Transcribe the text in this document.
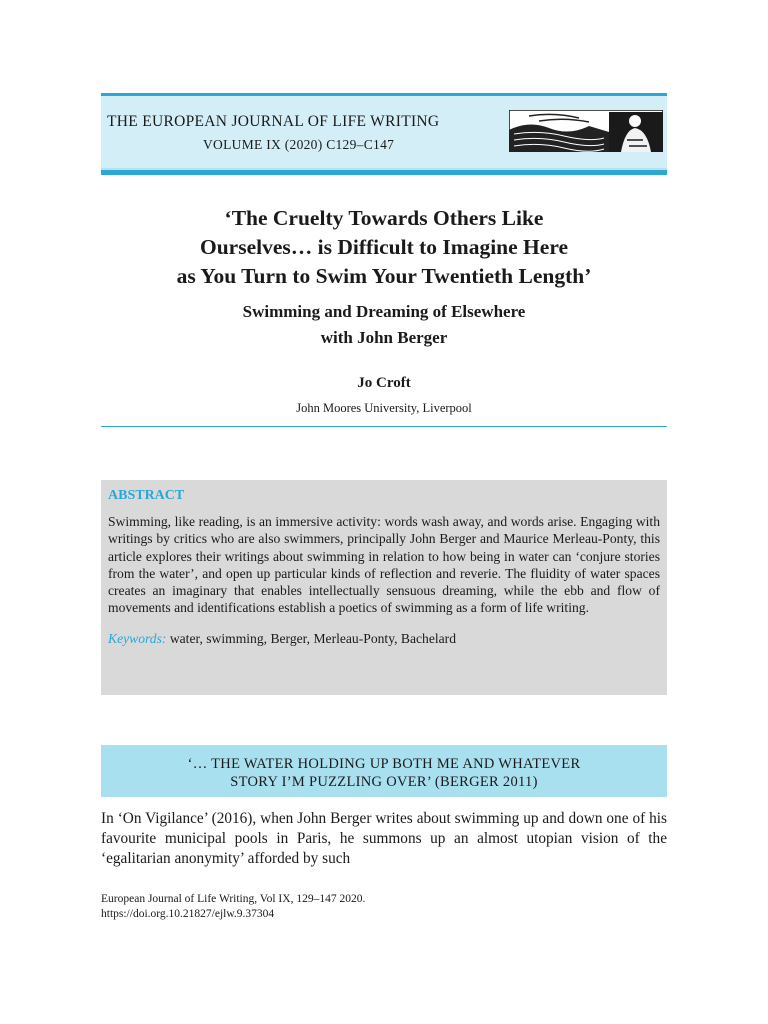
THE EUROPEAN JOURNAL OF LIFE WRITING
VOLUME IX (2020) C129–C147
‘The Cruelty Towards Others Like
Ourselves… is Difficult to Imagine Here
as You Turn to Swim Your Twentieth Length’
Swimming and Dreaming of Elsewhere
with John Berger
Jo Croft
John Moores University, Liverpool
ABSTRACT

Swimming, like reading, is an immersive activity: words wash away, and words arise. Engaging with writings by critics who are also swimmers, principally John Berger and Maurice Merleau-Ponty, this article explores their writings about swimming in relation to how being in water can ‘conjure stories from the water’, and open up particular kinds of reflection and reverie. The fluidity of water spaces creates an imaginary that enables intellectually sensuous dreaming, while the ebb and flow of movements and identifications establish a poetics of swimming as a form of life writing.

Keywords: water, swimming, Berger, Merleau-Ponty, Bachelard
‘… THE WATER HOLDING UP BOTH ME AND WHATEVER
STORY I’M PUZZLING OVER’ (BERGER 2011)

In ‘On Vigilance’ (2016), when John Berger writes about swimming up and down one of his favourite municipal pools in Paris, he summons up an almost utopian vision of the ‘egalitarian anonymity’ afforded by such

European Journal of Life Writing, Vol IX, 129–147 2020.
https://doi.org.10.21827/ejlw.9.37304
